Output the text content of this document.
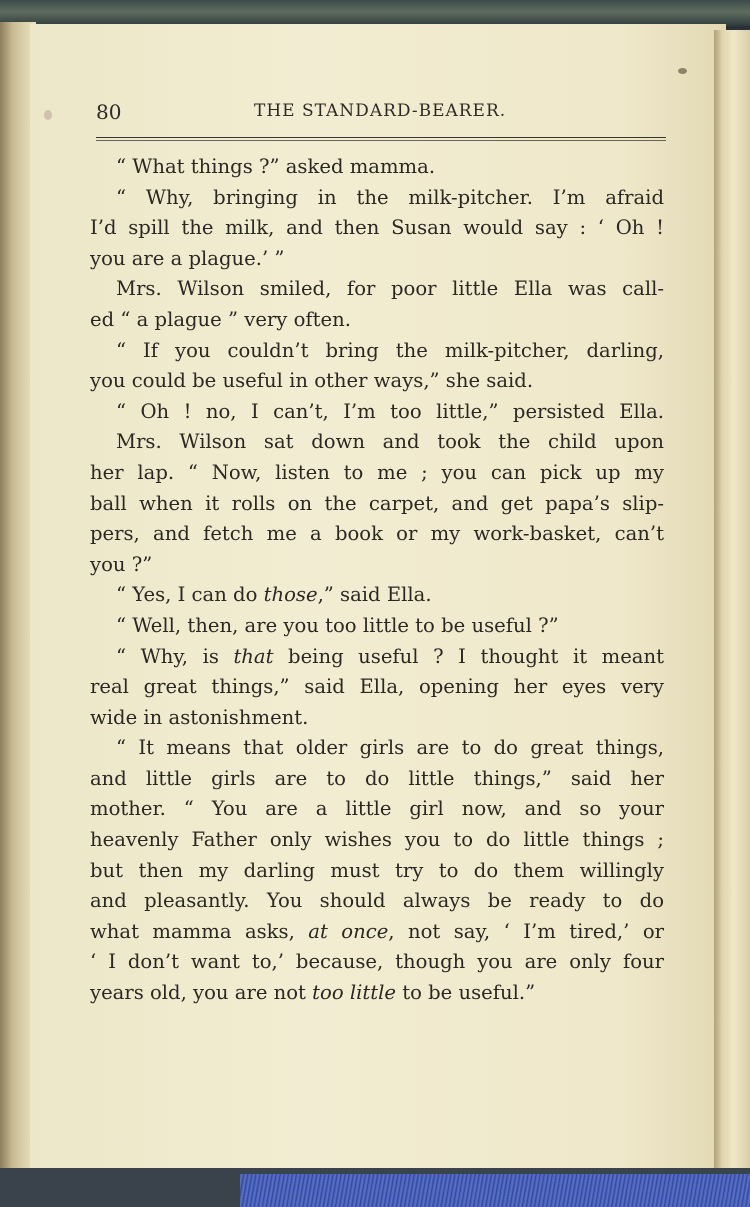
80	THE STANDARD-BEARER.
“ What things ?” asked mamma.
“ Why, bringing in the milk-pitcher. I’m afraid
I’d spill the milk, and then Susan would say : ‘ Oh !
you are a plague.’ ”
Mrs. Wilson smiled, for poor little Ella was call-
ed “ a plague ” very often.
“ If you couldn’t bring the milk-pitcher, darling,
you could be useful in other ways,” she said.
“ Oh ! no, I can’t, I’m too little,” persisted Ella.
Mrs. Wilson sat down and took the child upon
her lap. “ Now, listen to me ; you can pick up my
ball when it rolls on the carpet, and get papa’s slip-
pers, and fetch me a book or my work-basket, can’t
you ?”
“ Yes, I can do those,” said Ella.
“ Well, then, are you too little to be useful ?”
“ Why, is that being useful ? I thought it meant
real great things,” said Ella, opening her eyes very
wide in astonishment.
“ It means that older girls are to do great things,
and little girls are to do little things,” said her
mother. “ You are a little girl now, and so your
heavenly Father only wishes you to do little things ;
but then my darling must try to do them willingly
and pleasantly. You should always be ready to do
what mamma asks, at once, not say, ‘ I’m tired,’ or
‘ I don’t want to,’ because, though you are only four
years old, you are not too little to be useful.”
